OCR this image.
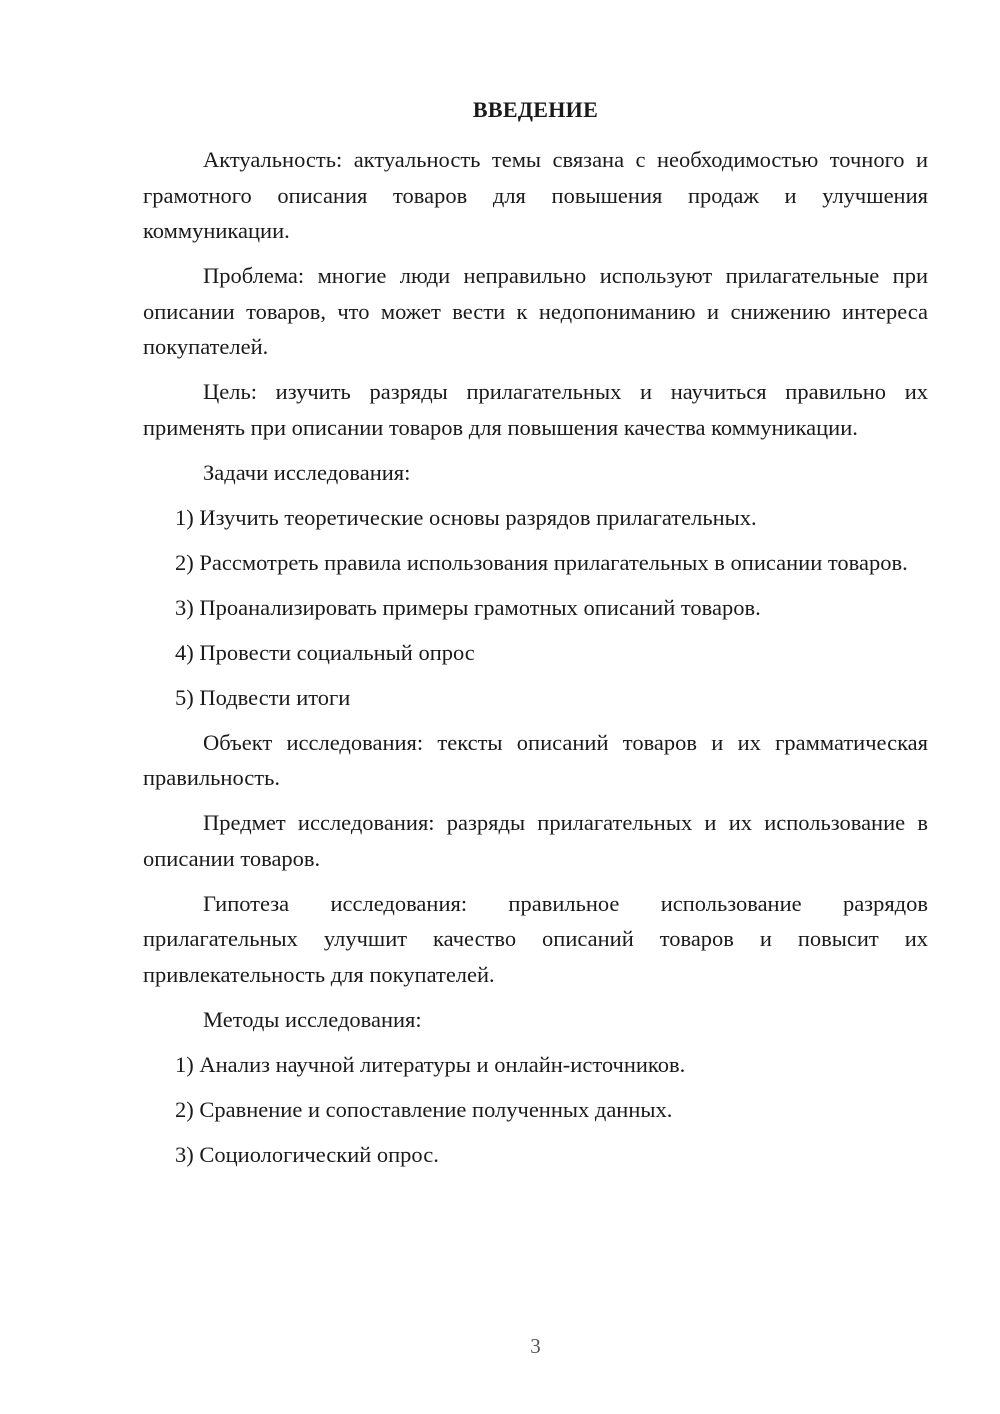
ВВЕДЕНИЕ

Актуальность: актуальность темы связана с необходимостью точного и грамотного описания товаров для повышения продаж и улучшения коммуникации.

Проблема: многие люди неправильно используют прилагательные при описании товаров, что может вести к недопониманию и снижению интереса покупателей.

Цель: изучить разряды прилагательных и научиться правильно их применять при описании товаров для повышения качества коммуникации.

Задачи исследования:

1) Изучить теоретические основы разрядов прилагательных.

2) Рассмотреть правила использования прилагательных в описании товаров.

3) Проанализировать примеры грамотных описаний товаров.

4) Провести социальный опрос

5) Подвести итоги

Объект исследования: тексты описаний товаров и их грамматическая правильность.

Предмет исследования: разряды прилагательных и их использование в описании товаров.

Гипотеза исследования: правильное использование разрядов прилагательных улучшит качество описаний товаров и повысит их привлекательность для покупателей.

Методы исследования:

1) Анализ научной литературы и онлайн-источников.

2) Сравнение и сопоставление полученных данных.

3) Социологический опрос.

3
